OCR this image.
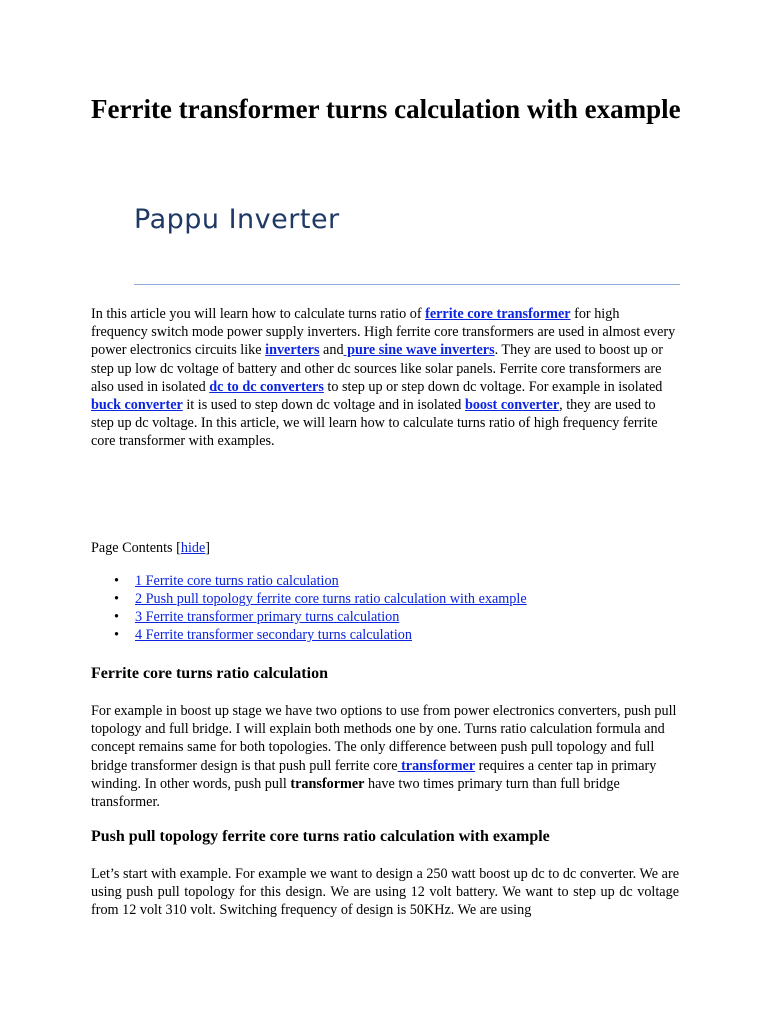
Ferrite transformer turns calculation with example
Pappu Inverter

In this article you will learn how to calculate turns ratio of ferrite core transformer for high frequency switch mode power supply inverters. High ferrite core transformers are used in almost every power electronics circuits like inverters and pure sine wave inverters. They are used to boost up or step up low dc voltage of battery and other dc sources like solar panels. Ferrite core transformers are also used in isolated dc to dc converters to step up or step down dc voltage. For example in isolated buck converter it is used to step down dc voltage and in isolated boost converter, they are used to step up dc voltage. In this article, we will learn how to calculate turns ratio of high frequency ferrite core transformer with examples.

Page Contents [hide]

• 1 Ferrite core turns ratio calculation
• 2 Push pull topology ferrite core turns ratio calculation with example
• 3 Ferrite transformer primary turns calculation
• 4 Ferrite transformer secondary turns calculation
Ferrite core turns ratio calculation

For example in boost up stage we have two options to use from power electronics converters, push pull topology and full bridge. I will explain both methods one by one. Turns ratio calculation formula and concept remains same for both topologies. The only difference between push pull topology and full bridge transformer design is that push pull ferrite core transformer requires a center tap in primary winding. In other words, push pull transformer have two times primary turn than full bridge transformer.

Push pull topology ferrite core turns ratio calculation with example

Let’s start with example. For example we want to design a 250 watt boost up dc to dc converter. We are using push pull topology for this design. We are using 12 volt battery. We want to step up dc voltage from 12 volt 310 volt. Switching frequency of design is 50KHz. We are using
